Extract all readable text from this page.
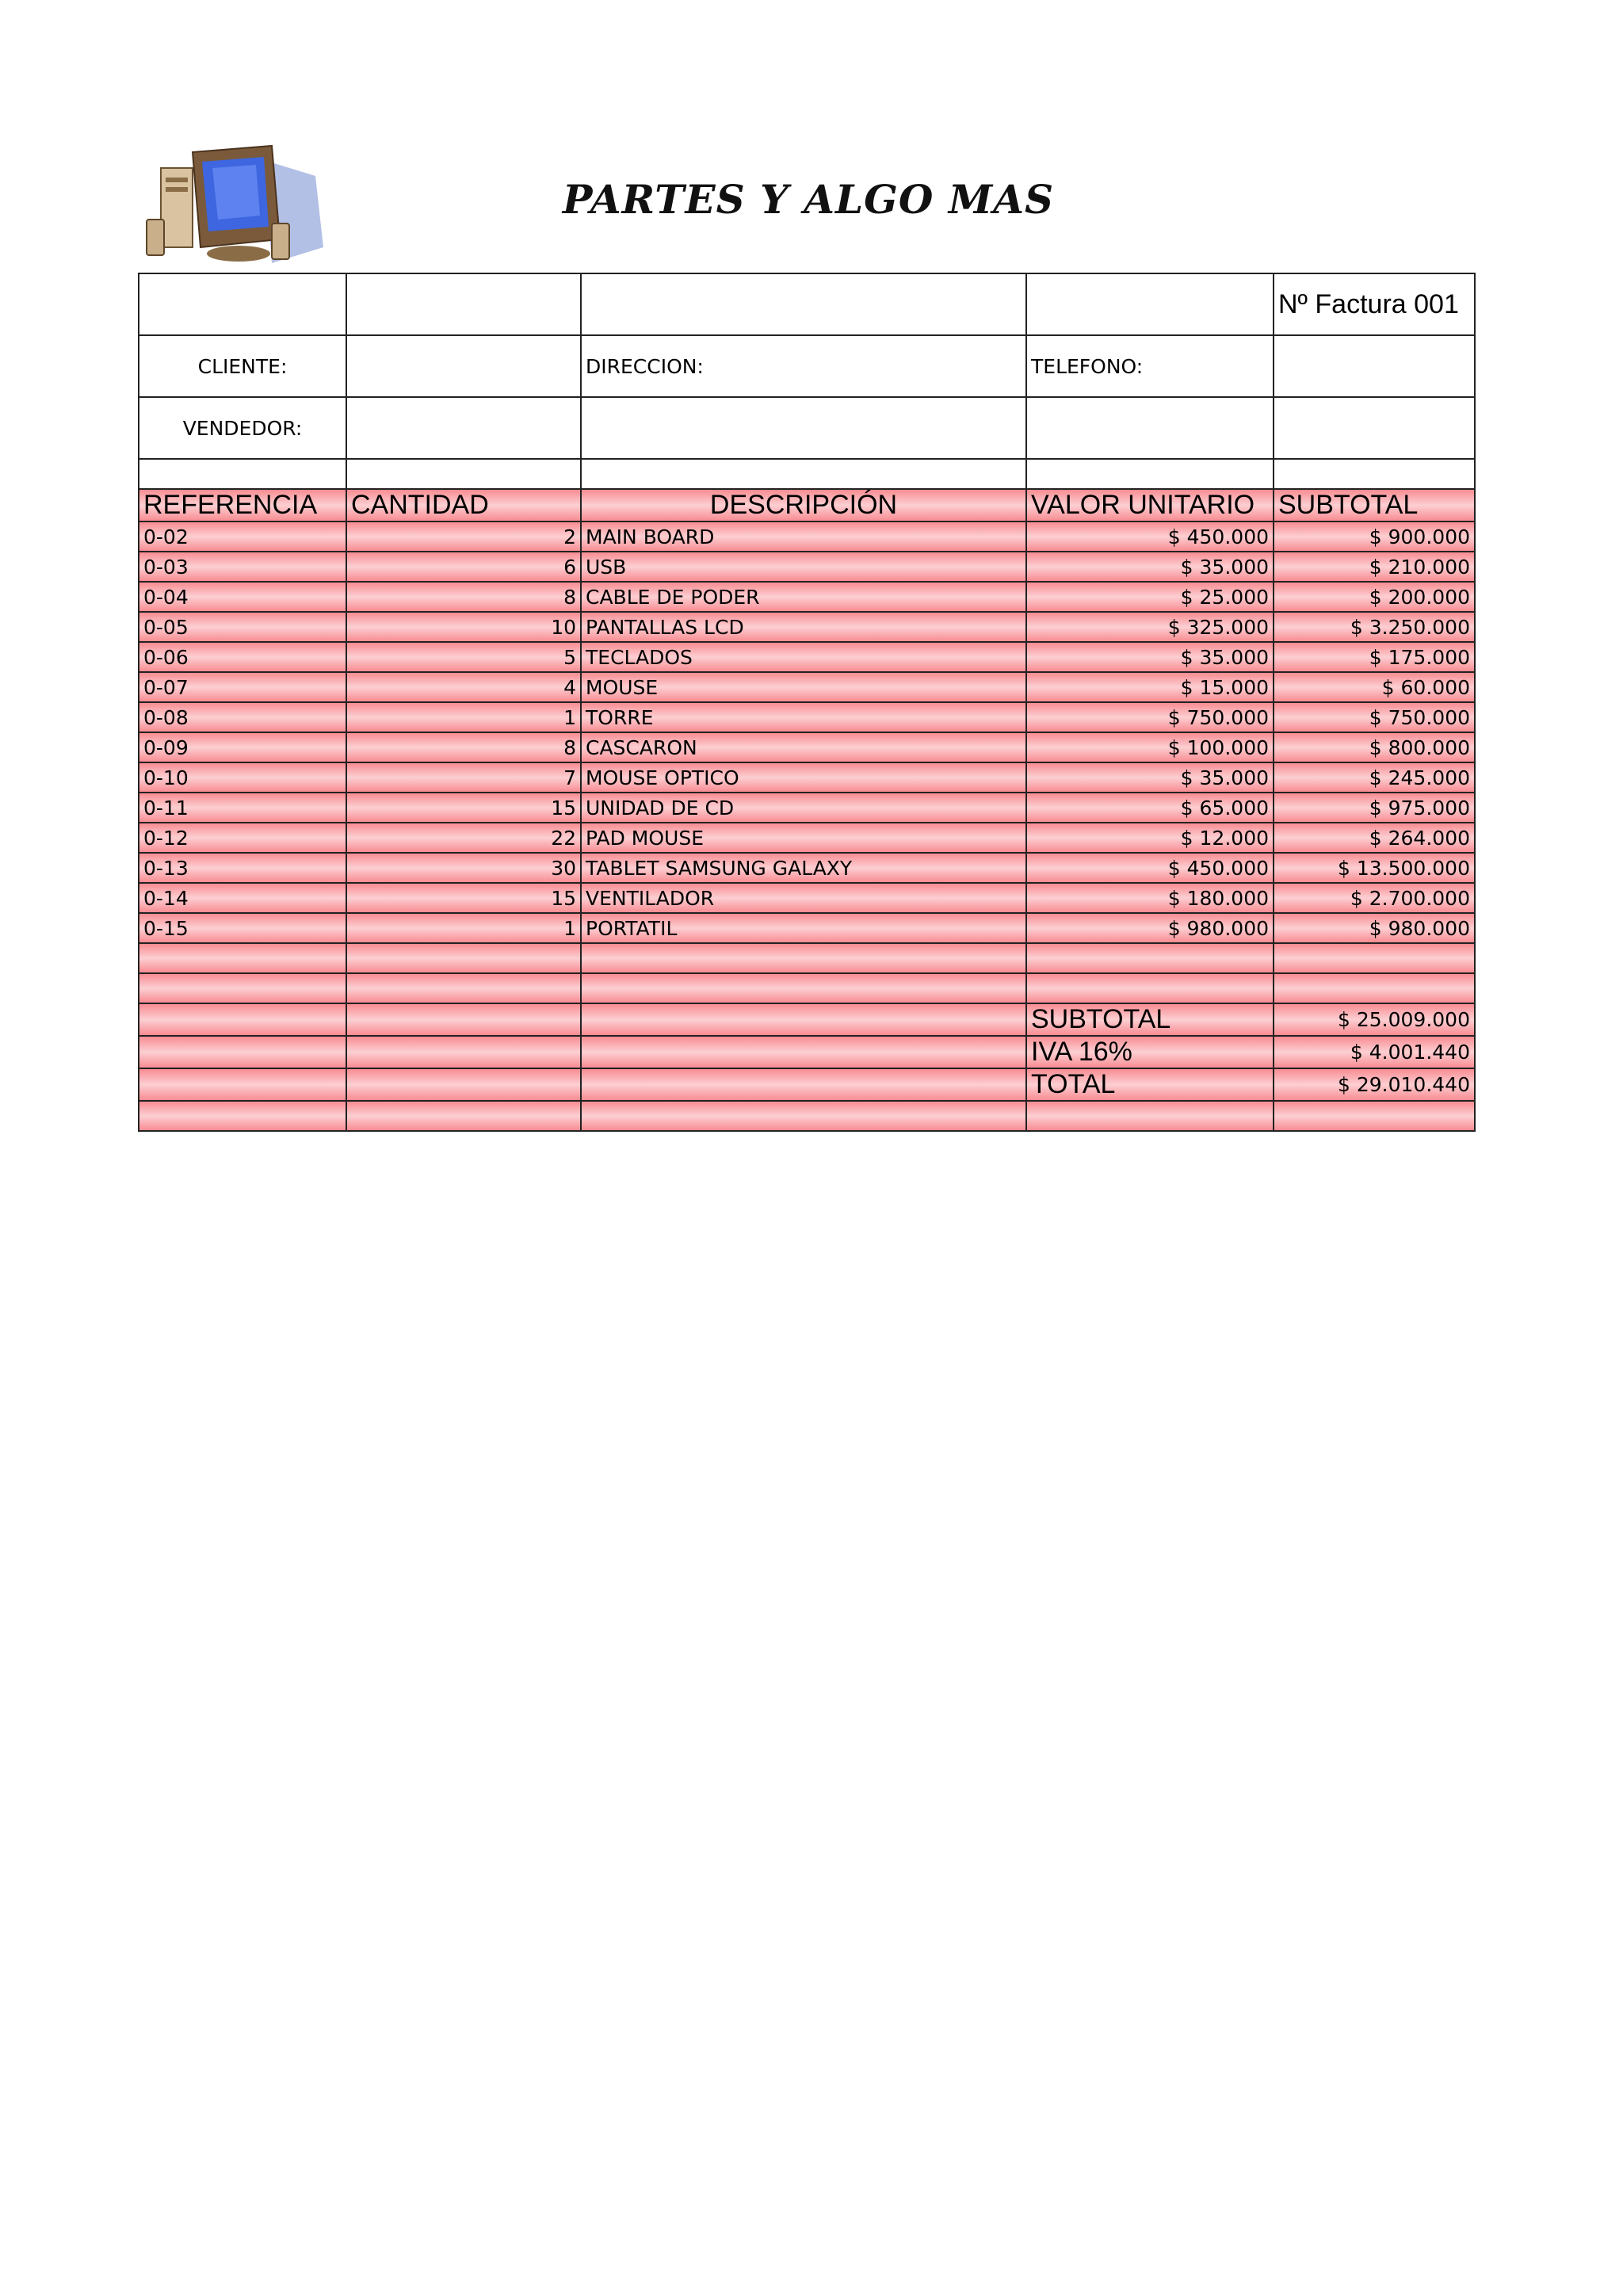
PARTES Y ALGO MAS
				Nº Factura 001
CLIENTE:		DIRECCION:	TELEFONO:	
VENDEDOR:				

REFERENCIA	CANTIDAD	DESCRIPCIÓN	VALOR UNITARIO	SUBTOTAL
0-02	2	MAIN BOARD	$ 450.000	$ 900.000
0-03	6	USB	$ 35.000	$ 210.000
0-04	8	CABLE DE PODER	$ 25.000	$ 200.000
0-05	10	PANTALLAS LCD	$ 325.000	$ 3.250.000
0-06	5	TECLADOS	$ 35.000	$ 175.000
0-07	4	MOUSE	$ 15.000	$ 60.000
0-08	1	TORRE	$ 750.000	$ 750.000
0-09	8	CASCARON	$ 100.000	$ 800.000
0-10	7	MOUSE OPTICO	$ 35.000	$ 245.000
0-11	15	UNIDAD DE CD	$ 65.000	$ 975.000
0-12	22	PAD MOUSE	$ 12.000	$ 264.000
0-13	30	TABLET SAMSUNG GALAXY	$ 450.000	$ 13.500.000
0-14	15	VENTILADOR	$ 180.000	$ 2.700.000
0-15	1	PORTATIL	$ 980.000	$ 980.000

			SUBTOTAL	$ 25.009.000
			IVA 16%	$ 4.001.440
			TOTAL	$ 29.010.440
